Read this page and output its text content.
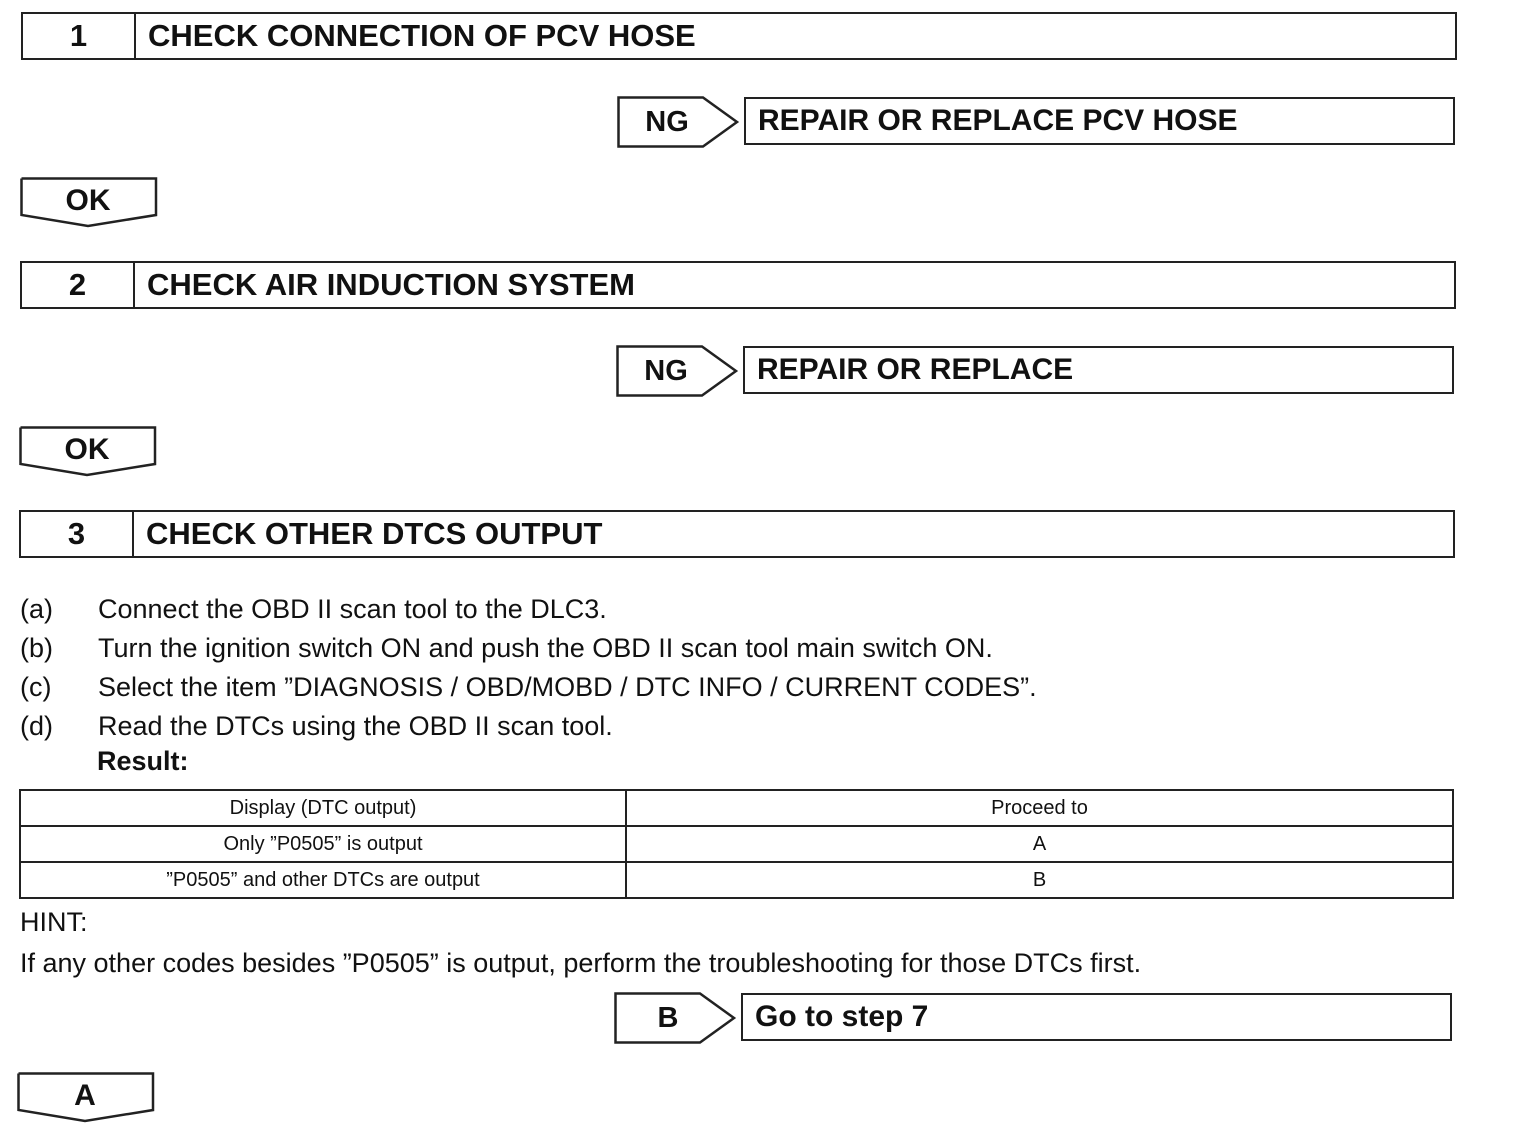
1	CHECK CONNECTION OF PCV HOSE
NG	REPAIR OR REPLACE PCV HOSE
OK
2	CHECK AIR INDUCTION SYSTEM
NG	REPAIR OR REPLACE
OK
3	CHECK OTHER DTCS OUTPUT
(a)	Connect the OBD II scan tool to the DLC3.
(b)	Turn the ignition switch ON and push the OBD II scan tool main switch ON.
(c)	Select the item ”DIAGNOSIS / OBD/MOBD / DTC INFO / CURRENT CODES”.
(d)	Read the DTCs using the OBD II scan tool.
Result:
Display (DTC output)	Proceed to
Only ”P0505” is output	A
”P0505” and other DTCs are output	B
HINT:
If any other codes besides ”P0505” is output, perform the troubleshooting for those DTCs first.
B	Go to step 7
A
